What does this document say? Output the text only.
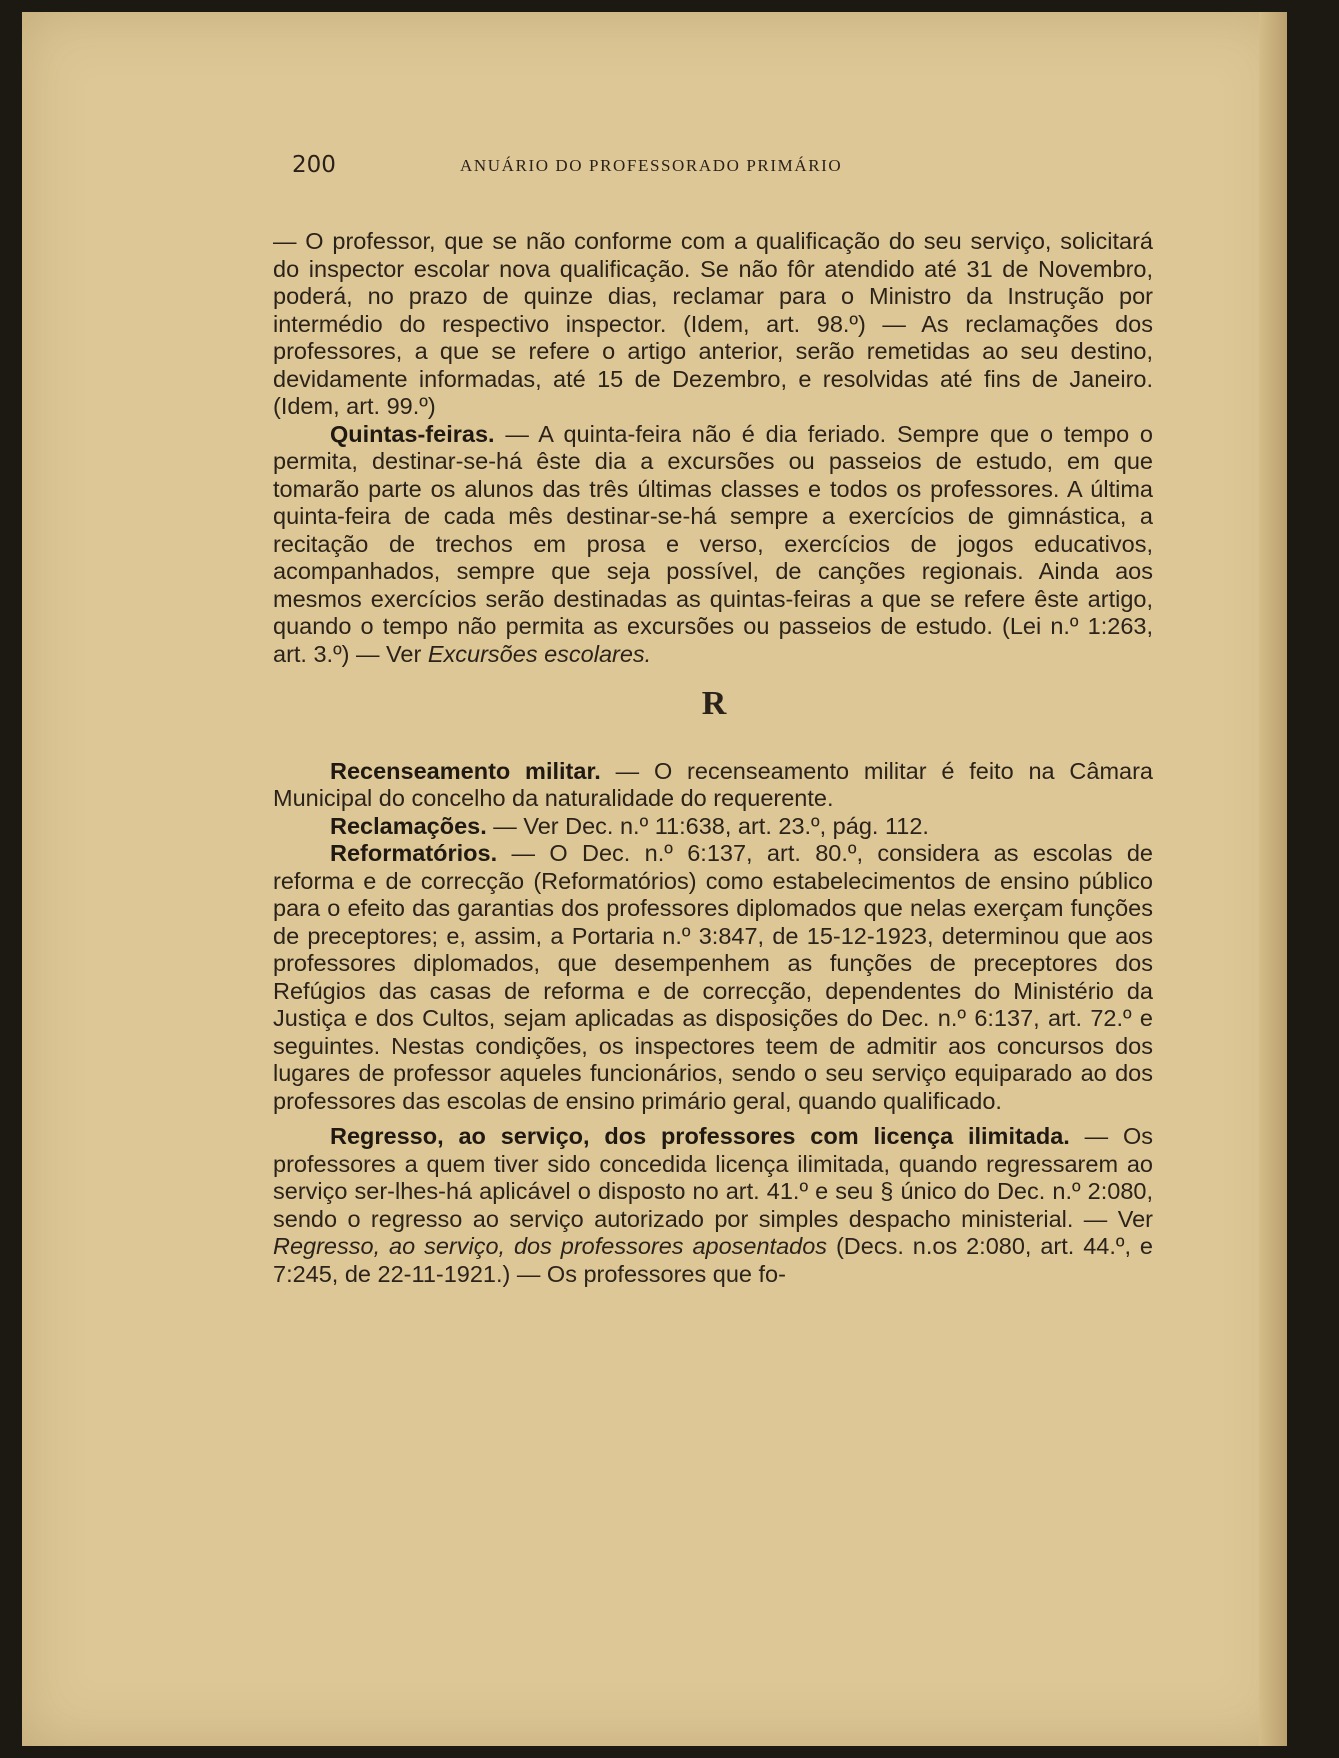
200	ANUÁRIO DO PROFESSORADO PRIMÁRIO

— O professor, que se não conforme com a qualificação do seu serviço, solicitará do inspector escolar nova qualificação. Se não fôr atendido até 31 de Novembro, poderá, no prazo de quinze dias, reclamar para o Ministro da Instrução por intermédio do respectivo inspector. (Idem, art. 98.º) — As reclamações dos professores, a que se refere o artigo anterior, serão remetidas ao seu destino, devidamente informadas, até 15 de Dezembro, e resolvidas até fins de Janeiro. (Idem, art. 99.º)

Quintas-feiras. — A quinta-feira não é dia feriado. Sempre que o tempo o permita, destinar-se-há êste dia a excursões ou passeios de estudo, em que tomarão parte os alunos das três últimas classes e todos os professores. A última quinta-feira de cada mês destinar-se-há sempre a exercícios de gimnástica, a recitação de trechos em prosa e verso, exercícios de jogos educativos, acompanhados, sempre que seja possível, de canções regionais. Ainda aos mesmos exercícios serão destinadas as quintas-feiras a que se refere êste artigo, quando o tempo não permita as excursões ou passeios de estudo. (Lei n.º 1:263, art. 3.º) — Ver Excursões escolares.

R

Recenseamento militar. — O recenseamento militar é feito na Câmara Municipal do concelho da naturalidade do requerente.

Reclamações. — Ver Dec. n.º 11:638, art. 23.º, pág. 112.

Reformatórios. — O Dec. n.º 6:137, art. 80.º, considera as escolas de reforma e de correcção (Reformatórios) como estabelecimentos de ensino público para o efeito das garantias dos professores diplomados que nelas exerçam funções de preceptores; e, assim, a Portaria n.º 3:847, de 15-12-1923, determinou que aos professores diplomados, que desempenhem as funções de preceptores dos Refúgios das casas de reforma e de correcção, dependentes do Ministério da Justiça e dos Cultos, sejam aplicadas as disposições do Dec. n.º 6:137, art. 72.º e seguintes. Nestas condições, os inspectores teem de admitir aos concursos dos lugares de professor aqueles funcionários, sendo o seu serviço equiparado ao dos professores das escolas de ensino primário geral, quando qualificado.

Regresso, ao serviço, dos professores com licença ilimitada. — Os professores a quem tiver sido concedida licença ilimitada, quando regressarem ao serviço ser-lhes-há aplicável o disposto no art. 41.º e seu § único do Dec. n.º 2:080, sendo o regresso ao serviço autorizado por simples despacho ministerial. — Ver Regresso, ao serviço, dos professores aposentados (Decs. n.os 2:080, art. 44.º, e 7:245, de 22-11-1921.) — Os professores que fo-
